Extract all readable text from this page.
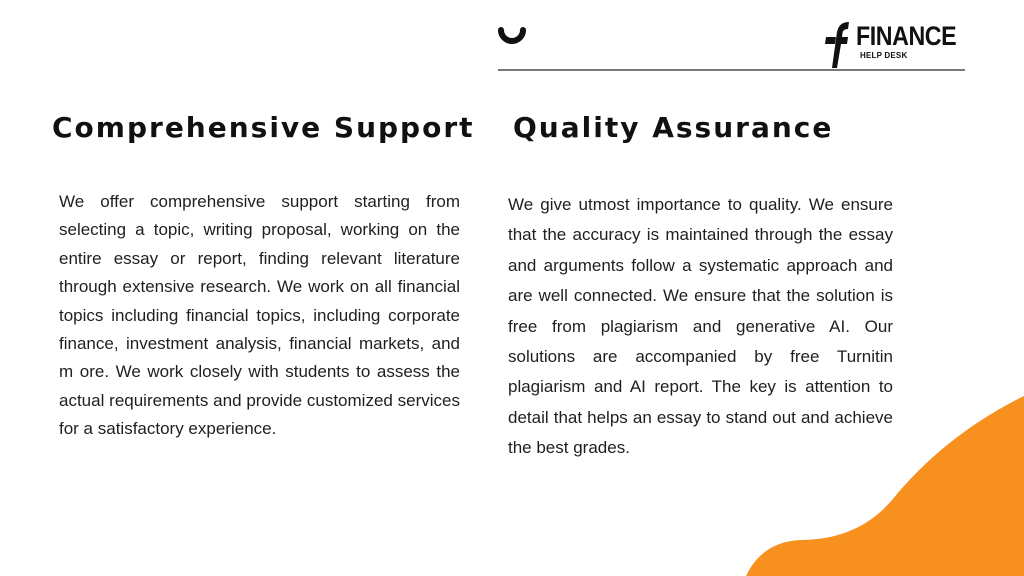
FINANCE
HELP DESK
Comprehensive Support Quality Assurance

We offer comprehensive support starting from selecting a topic, writing proposal, working on the entire essay or report, finding relevant literature through extensive research. We work on all financial topics including financial topics, including corporate finance, investment analysis, financial markets, and m ore. We work closely with students to assess the actual requirements and provide customized services for a satisfactory experience.

We give utmost importance to quality. We ensure that the accuracy is maintained through the essay and arguments follow a systematic approach and are well connected. We ensure that the solution is free from plagiarism and generative AI. Our solutions are accompanied by free Turnitin plagiarism and AI report. The key is attention to detail that helps an essay to stand out and achieve the best grades.
